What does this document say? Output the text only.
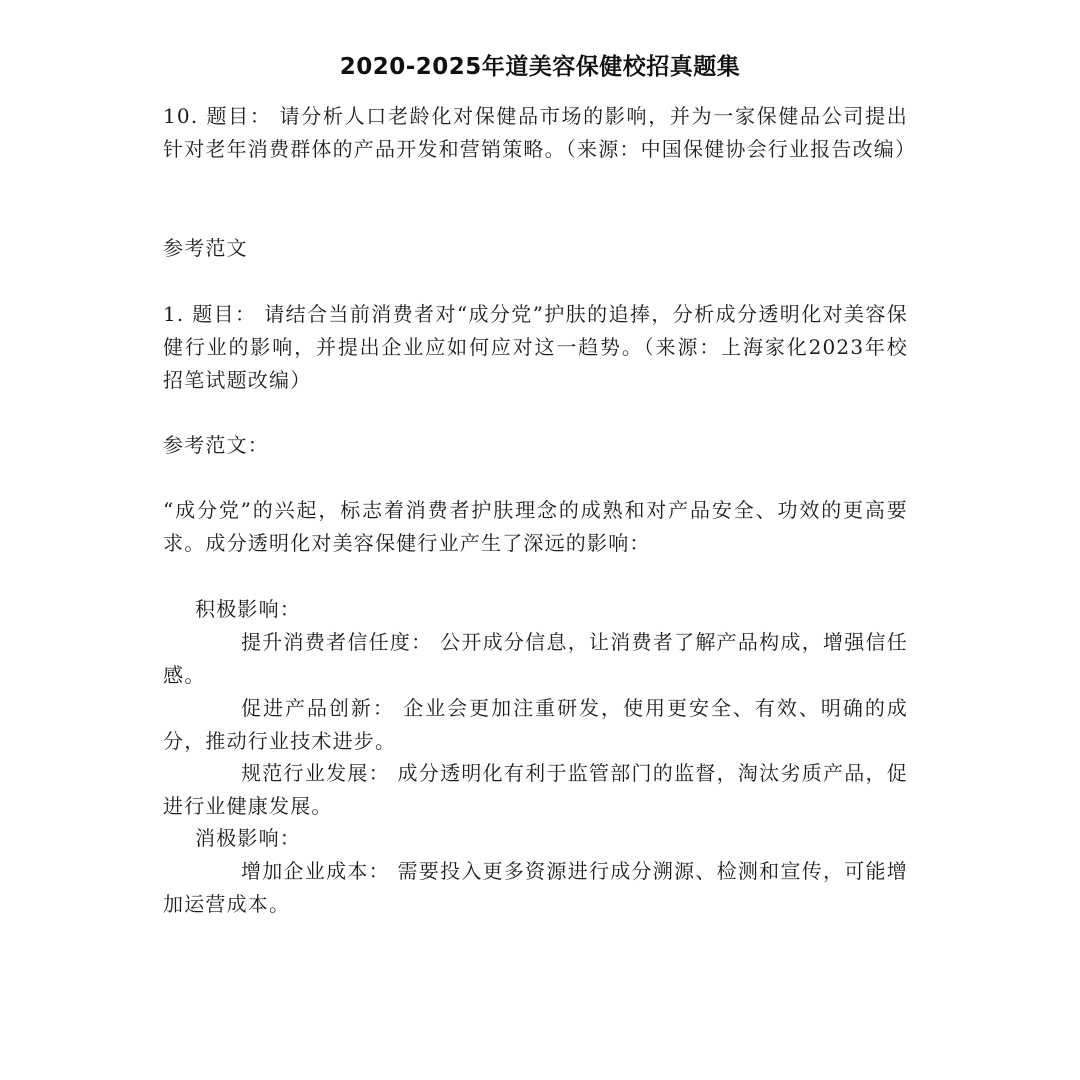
2020-2025年道美容保健校招真题集
10. 题目： 请分析人口老龄化对保健品市场的影响，并为一家保健品公司提出针对老年消费群体的产品开发和营销策略。（来源：中国保健协会行业报告改编）
参考范文
1. 题目： 请结合当前消费者对“成分党”护肤的追捧，分析成分透明化对美容保健行业的影响，并提出企业应如何应对这一趋势。（来源：上海家化2023年校招笔试题改编）
参考范文：
“成分党”的兴起，标志着消费者护肤理念的成熟和对产品安全、功效的更高要求。成分透明化对美容保健行业产生了深远的影响：
积极影响：
提升消费者信任度： 公开成分信息，让消费者了解产品构成，增强信任感。
促进产品创新： 企业会更加注重研发，使用更安全、有效、明确的成分，推动行业技术进步。
规范行业发展： 成分透明化有利于监管部门的监督，淘汰劣质产品，促进行业健康发展。
消极影响：
增加企业成本： 需要投入更多资源进行成分溯源、检测和宣传，可能增加运营成本。
